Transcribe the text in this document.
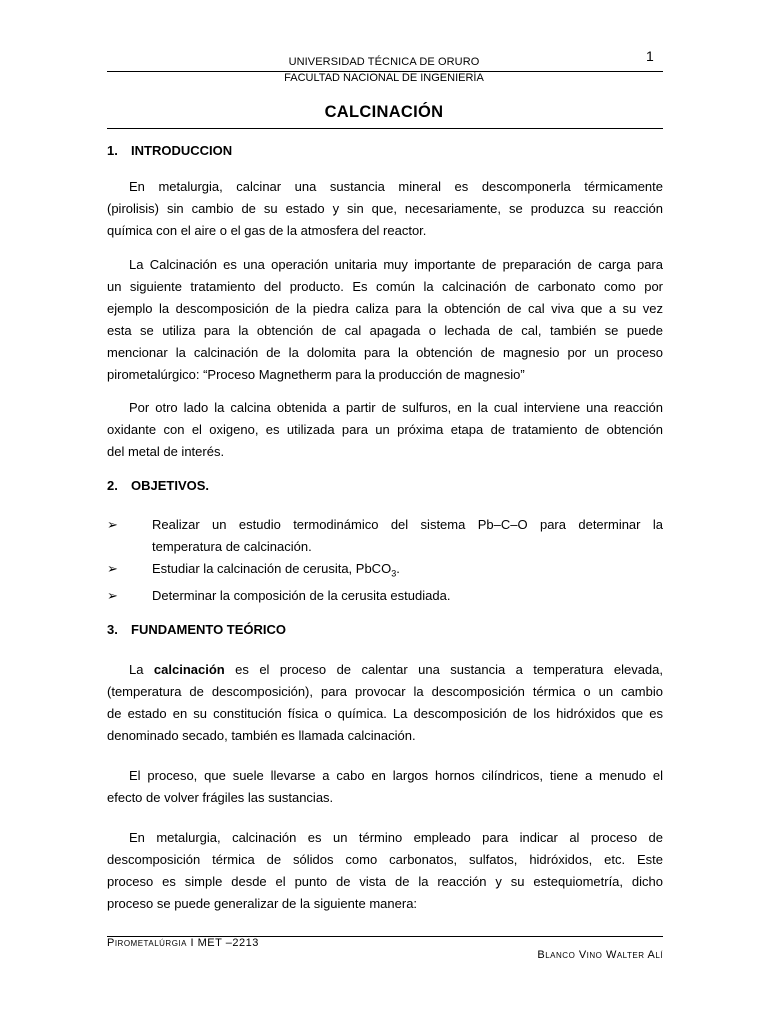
1
UNIVERSIDAD TÉCNICA DE ORURO
FACULTAD NACIONAL DE INGENIERÍA
CALCINACIÓN
1. INTRODUCCION
En metalurgia, calcinar una sustancia mineral es descomponerla térmicamente
(pirolisis) sin cambio de su estado y sin que, necesariamente, se produzca su reacción
química con el aire o el gas de la atmosfera del reactor.
La Calcinación es una operación unitaria muy importante de preparación de carga para
un siguiente tratamiento del producto. Es común la calcinación de carbonato como por
ejemplo la descomposición de la piedra caliza para la obtención de cal viva que a su vez
esta se utiliza para la obtención de cal apagada o lechada de cal, también se puede
mencionar la calcinación de la dolomita para la obtención de magnesio por un proceso
pirometalúrgico: “Proceso Magnetherm para la producción de magnesio”
Por otro lado la calcina obtenida a partir de sulfuros, en la cual interviene una reacción
oxidante con el oxigeno, es utilizada para un próxima etapa de tratamiento de obtención
del metal de interés.
2. OBJETIVOS.
➢	Realizar un estudio termodinámico del sistema Pb–C–O para determinar la
temperatura de calcinación.
➢	Estudiar la calcinación de cerusita, PbCO$_3$.
➢	Determinar la composición de la cerusita estudiada.
3. FUNDAMENTO TEÓRICO
La calcinación es el proceso de calentar una sustancia a temperatura elevada,
(temperatura de descomposición), para provocar la descomposición térmica o un cambio
de estado en su constitución física o química. La descomposición de los hidróxidos que es
denominado secado, también es llamada calcinación.
El proceso, que suele llevarse a cabo en largos hornos cilíndricos, tiene a menudo el
efecto de volver frágiles las sustancias.
En metalurgia, calcinación es un término empleado para indicar al proceso de
descomposición térmica de sólidos como carbonatos, sulfatos, hidróxidos, etc. Este
proceso es simple desde el punto de vista de la reacción y su estequiometría, dicho
proceso se puede generalizar de la siguiente manera:
Pirometalúrgia I MET –2213
Blanco Vino Walter Alí
